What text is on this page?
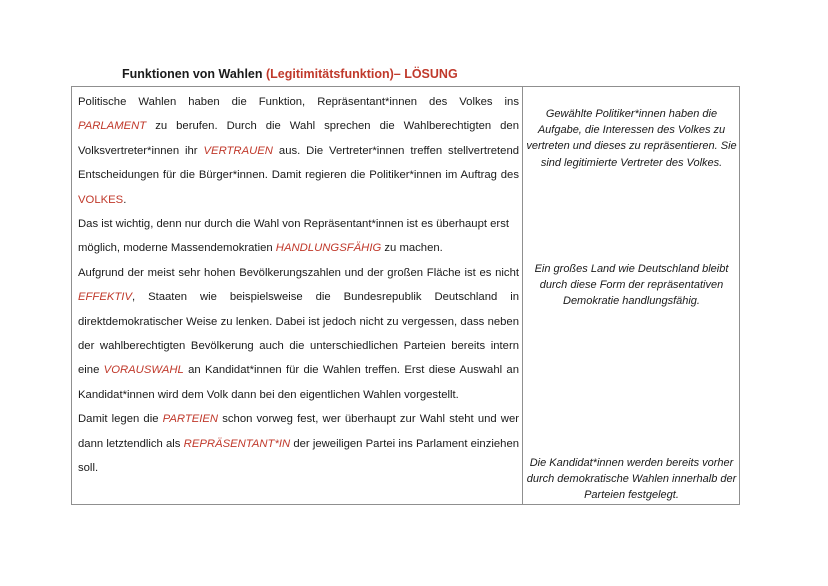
Funktionen von Wahlen (Legitimitätsfunktion)– LÖSUNG

Politische Wahlen haben die Funktion, Repräsentant*innen des Volkes ins PARLAMENT zu berufen. Durch die Wahl sprechen die Wahlberechtigten den Volksvertreter*innen ihr VERTRAUEN aus. Die Vertreter*innen treffen stellvertretend Entscheidungen für die Bürger*innen. Damit regieren die Politiker*innen im Auftrag des VOLKES.

Das ist wichtig, denn nur durch die Wahl von Repräsentant*innen ist es überhaupt erst möglich, moderne Massendemokratien HANDLUNGSFÄHIG zu machen.

Aufgrund der meist sehr hohen Bevölkerungszahlen und der großen Fläche ist es nicht EFFEKTIV, Staaten wie beispielsweise die Bundesrepublik Deutschland in direktdemokratischer Weise zu lenken. Dabei ist jedoch nicht zu vergessen, dass neben der wahlberechtigten Bevölkerung auch die unterschiedlichen Parteien bereits intern eine VORAUSWAHL an Kandidat*innen für die Wahlen treffen. Erst diese Auswahl an Kandidat*innen wird dem Volk dann bei den eigentlichen Wahlen vorgestellt.

Damit legen die PARTEIEN schon vorweg fest, wer überhaupt zur Wahl steht und wer dann letztendlich als REPRÄSENTANT*IN der jeweiligen Partei ins Parlament einziehen soll.

Gewählte Politiker*innen haben die Aufgabe, die Interessen des Volkes zu vertreten und dieses zu repräsentieren. Sie sind legitimierte Vertreter des Volkes.
Ein großes Land wie Deutschland bleibt durch diese Form der repräsentativen Demokratie handlungsfähig.
Die Kandidat*innen werden bereits vorher durch demokratische Wahlen innerhalb der Parteien festgelegt.
